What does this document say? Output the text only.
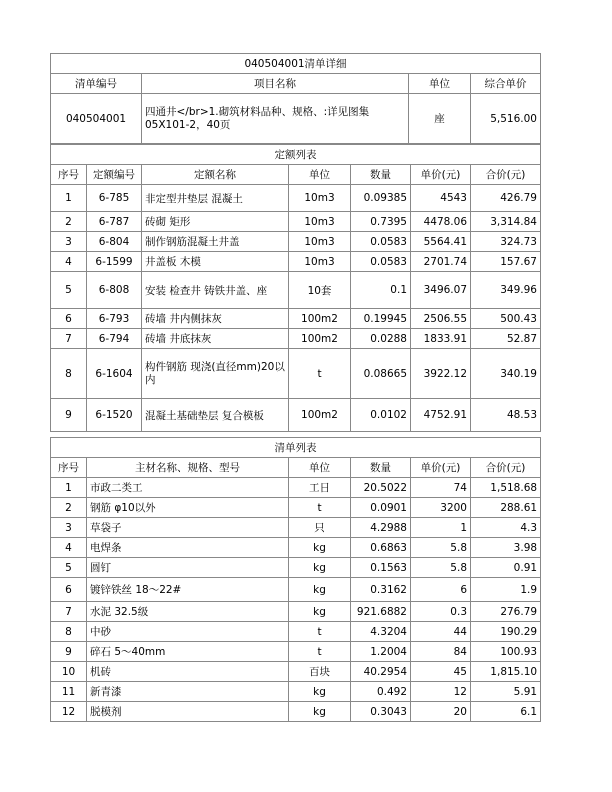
040504001清单详细			
清单编号	项目名称	单位	综合单价
040504001	四通井</br>1.砌筑材料品种、规格、:详见图集05X101-2，40页	座	5,516.00
定额列表						
序号	定额编号	定额名称	单位	数量	单价(元)	合价(元)
1	6-785	非定型井垫层 混凝土	10m3	0.09385	4543	426.79
2	6-787	砖砌 矩形	10m3	0.7395	4478.06	3,314.84
3	6-804	制作钢筋混凝土井盖	10m3	0.0583	5564.41	324.73
4	6-1599	井盖板 木模	10m3	0.0583	2701.74	157.67
5	6-808	安装 检查井 铸铁井盖、座	10套	0.1	3496.07	349.96
6	6-793	砖墙 井内侧抹灰	100m2	0.19945	2506.55	500.43
7	6-794	砖墙 井底抹灰	100m2	0.0288	1833.91	52.87
8	6-1604	构件钢筋 现浇(直径mm)20以内	t	0.08665	3922.12	340.19
9	6-1520	混凝土基础垫层 复合模板	100m2	0.0102	4752.91	48.53
清单列表					
序号	主材名称、规格、型号	单位	数量	单价(元)	合价(元)
1	市政二类工	工日	20.5022	74	1,518.68
2	钢筋 φ10以外	t	0.0901	3200	288.61
3	草袋子	只	4.2988	1	4.3
4	电焊条	kg	0.6863	5.8	3.98
5	圆钉	kg	0.1563	5.8	0.91
6	镀锌铁丝 18～22#	kg	0.3162	6	1.9
7	水泥 32.5级	kg	921.6882	0.3	276.79
8	中砂	t	4.3204	44	190.29
9	碎石 5～40mm	t	1.2004	84	100.93
10	机砖	百块	40.2954	45	1,815.10
11	新青漆	kg	0.492	12	5.91
12	脱模剂	kg	0.3043	20	6.1
